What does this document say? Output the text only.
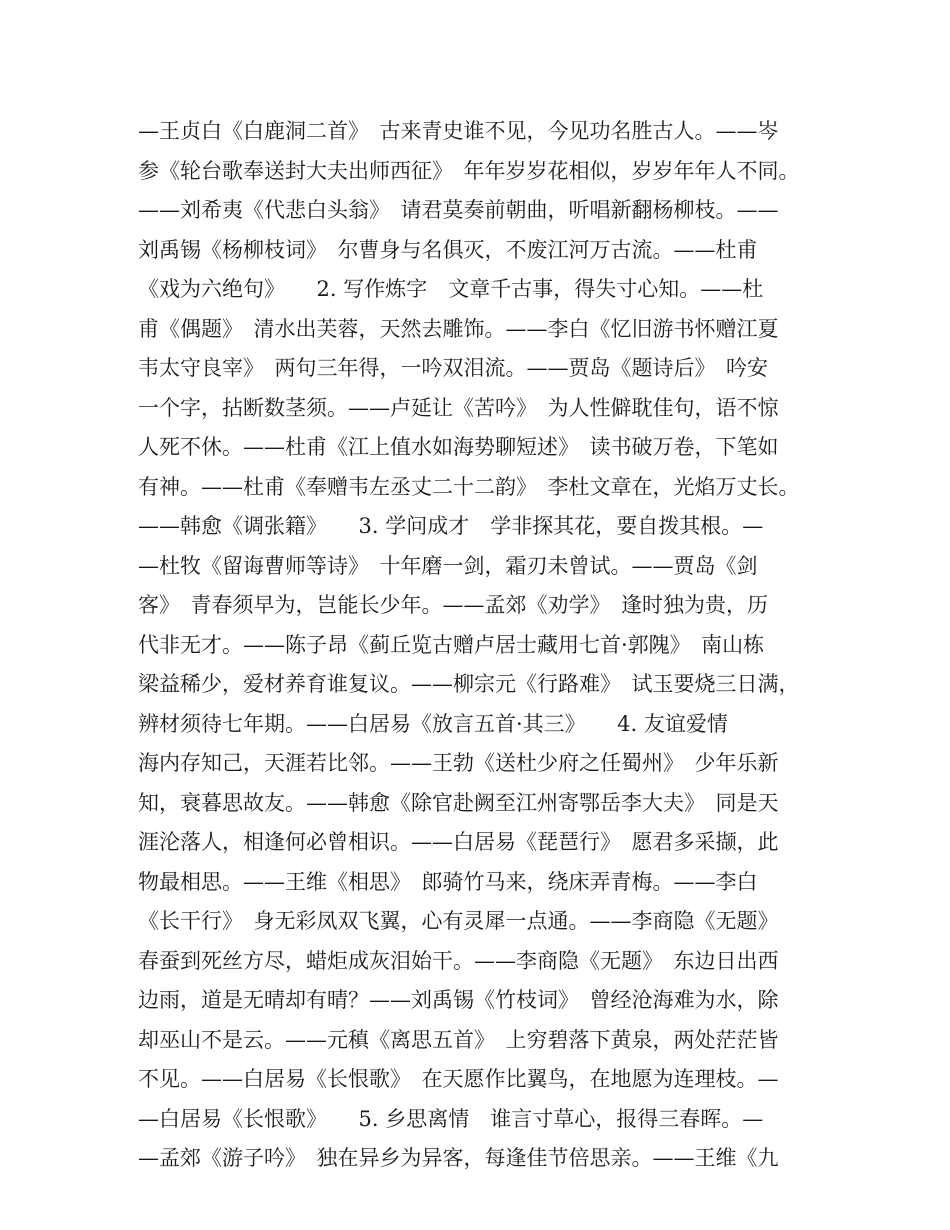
—王贞白《白鹿洞二首》　古来青史谁不见，今见功名胜古人。——岑
参《轮台歌奉送封大夫出师西征》　年年岁岁花相似，岁岁年年人不同。
——刘希夷《代悲白头翁》　请君莫奏前朝曲，听唱新翻杨柳枝。——
刘禹锡《杨柳枝词》　尔曹身与名俱灭，不废江河万古流。——杜甫
《戏为六绝句》　　2. 写作炼字　文章千古事，得失寸心知。——杜
甫《偶题》　清水出芙蓉，天然去雕饰。——李白《忆旧游书怀赠江夏
韦太守良宰》　两句三年得，一吟双泪流。——贾岛《题诗后》　吟安
一个字，拈断数茎须。——卢延让《苦吟》　为人性僻耽佳句，语不惊
人死不休。——杜甫《江上值水如海势聊短述》　读书破万卷，下笔如
有神。——杜甫《奉赠韦左丞丈二十二韵》　李杜文章在，光焰万丈长。
——韩愈《调张籍》　　3. 学问成才　学非探其花，要自拨其根。—
—杜牧《留诲曹师等诗》　十年磨一剑，霜刃未曾试。——贾岛《剑
客》　青春须早为，岂能长少年。——孟郊《劝学》　逢时独为贵，历
代非无才。——陈子昂《蓟丘览古赠卢居士藏用七首·郭隗》　南山栋
梁益稀少，爱材养育谁复议。——柳宗元《行路难》　试玉要烧三日满，
辨材须待七年期。——白居易《放言五首·其三》　　4. 友谊爱情
海内存知己，天涯若比邻。——王勃《送杜少府之任蜀州》　少年乐新
知，衰暮思故友。——韩愈《除官赴阙至江州寄鄂岳李大夫》　同是天
涯沦落人，相逢何必曾相识。——白居易《琵琶行》　愿君多采撷，此
物最相思。——王维《相思》　郎骑竹马来，绕床弄青梅。——李白
《长干行》　身无彩凤双飞翼，心有灵犀一点通。——李商隐《无题》
春蚕到死丝方尽，蜡炬成灰泪始干。——李商隐《无题》　东边日出西
边雨，道是无晴却有晴？——刘禹锡《竹枝词》　曾经沧海难为水，除
却巫山不是云。——元稹《离思五首》　上穷碧落下黄泉，两处茫茫皆
不见。——白居易《长恨歌》　在天愿作比翼鸟，在地愿为连理枝。—
—白居易《长恨歌》　　5. 乡思离情　谁言寸草心，报得三春晖。—
—孟郊《游子吟》　独在异乡为异客，每逢佳节倍思亲。——王维《九
